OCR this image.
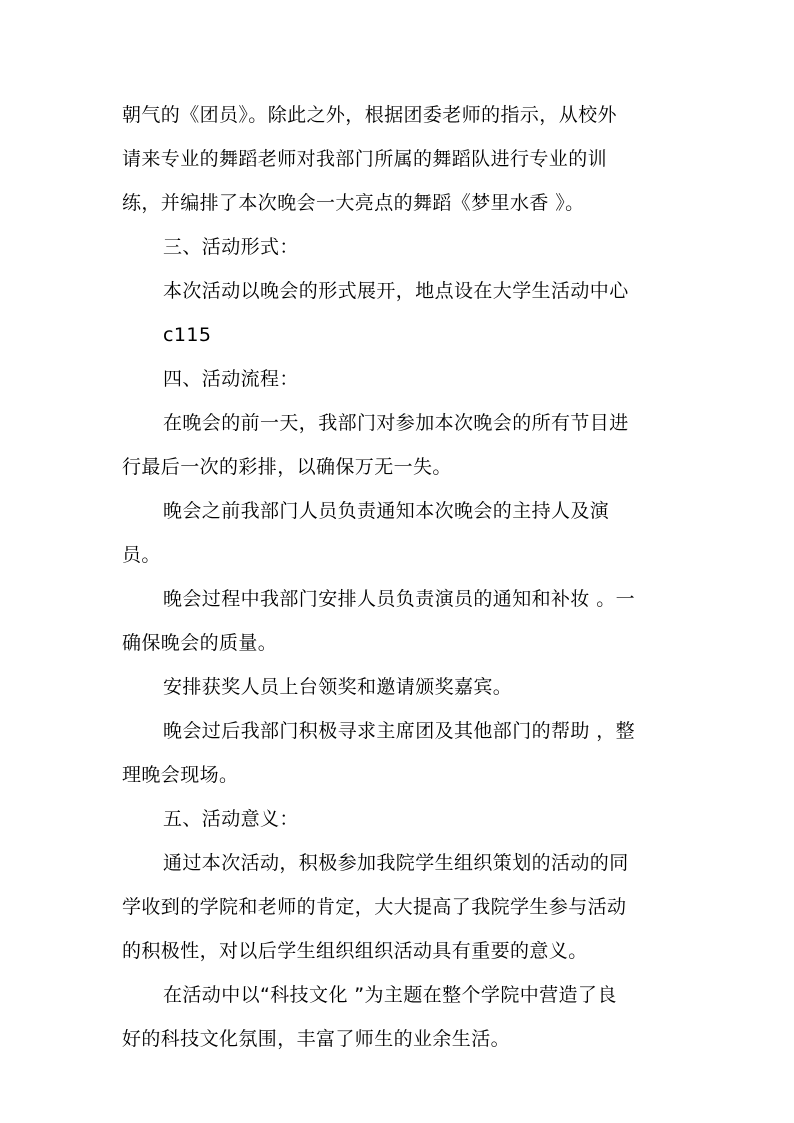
朝气的《团员》。除此之外，根据团委老师的指示，从校外
请来专业的舞蹈老师对我部门所属的舞蹈队进行专业的训
练，并编排了本次晚会一大亮点的舞蹈《梦里水香 》。
三、活动形式：
本次活动以晚会的形式展开，地点设在大学生活动中心
c115
四、活动流程：
在晚会的前一天，我部门对参加本次晚会的所有节目进
行最后一次的彩排，以确保万无一失。
晚会之前我部门人员负责通知本次晚会的主持人及演
员。
晚会过程中我部门安排人员负责演员的通知和补妆 。一
确保晚会的质量。
安排获奖人员上台领奖和邀请颁奖嘉宾。
晚会过后我部门积极寻求主席团及其他部门的帮助 ，整
理晚会现场。
五、活动意义：
通过本次活动，积极参加我院学生组织策划的活动的同
学收到的学院和老师的肯定，大大提高了我院学生参与活动
的积极性，对以后学生组织组织活动具有重要的意义。
在活动中以“科技文化 ”为主题在整个学院中营造了良
好的科技文化氛围，丰富了师生的业余生活。
